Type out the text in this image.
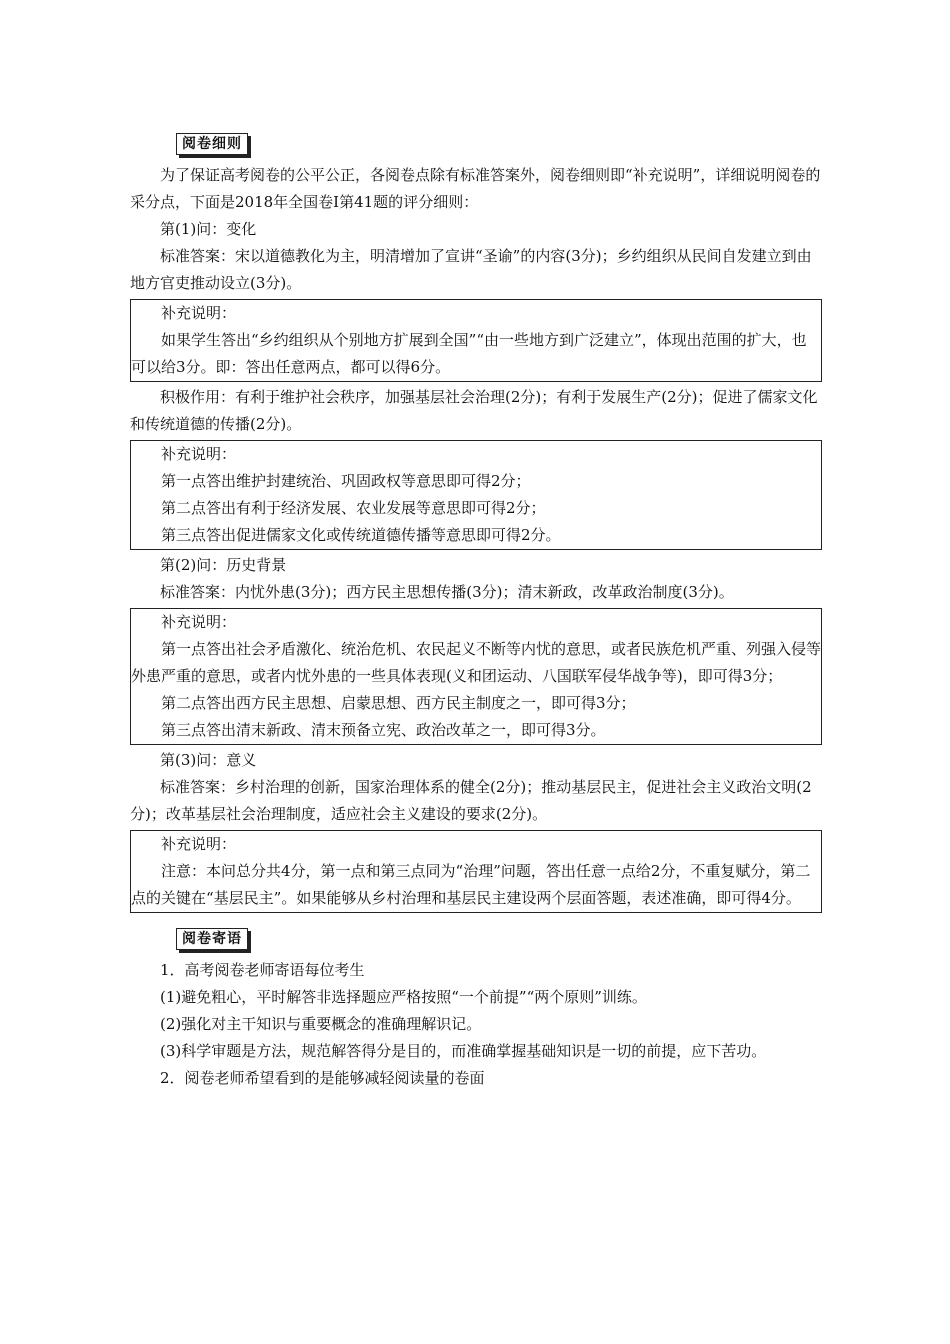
阅卷细则

为了保证高考阅卷的公平公正，各阅卷点除有标准答案外，阅卷细则即“补充说明”，详细说明阅卷的采分点，下面是2018年全国卷Ⅰ第41题的评分细则：

第(1)问：变化

标准答案：宋以道德教化为主，明清增加了宣讲“圣谕”的内容(3分)；乡约组织从民间自发建立到由地方官吏推动设立(3分)。

补充说明：

如果学生答出“乡约组织从个别地方扩展到全国”“由一些地方到广泛建立”，体现出范围的扩大，也可以给3分。即：答出任意两点，都可以得6分。

积极作用：有利于维护社会秩序，加强基层社会治理(2分)；有利于发展生产(2分)；促进了儒家文化和传统道德的传播(2分)。

补充说明：

第一点答出维护封建统治、巩固政权等意思即可得2分；

第二点答出有利于经济发展、农业发展等意思即可得2分；

第三点答出促进儒家文化或传统道德传播等意思即可得2分。

第(2)问：历史背景

标准答案：内忧外患(3分)；西方民主思想传播(3分)；清末新政，改革政治制度(3分)。

补充说明：

第一点答出社会矛盾激化、统治危机、农民起义不断等内忧的意思，或者民族危机严重、列强入侵等外患严重的意思，或者内忧外患的一些具体表现(义和团运动、八国联军侵华战争等)，即可得3分；

第二点答出西方民主思想、启蒙思想、西方民主制度之一，即可得3分；

第三点答出清末新政、清末预备立宪、政治改革之一，即可得3分。

第(3)问：意义

标准答案：乡村治理的创新，国家治理体系的健全(2分)；推动基层民主，促进社会主义政治文明(2分)；改革基层社会治理制度，适应社会主义建设的要求(2分)。

补充说明：

注意：本问总分共4分，第一点和第三点同为“治理”问题，答出任意一点给2分，不重复赋分，第二点的关键在“基层民主”。如果能够从乡村治理和基层民主建设两个层面答题，表述准确，即可得4分。

阅卷寄语

1．高考阅卷老师寄语每位考生

(1)避免粗心，平时解答非选择题应严格按照“一个前提”“两个原则”训练。

(2)强化对主干知识与重要概念的准确理解识记。

(3)科学审题是方法，规范解答得分是目的，而准确掌握基础知识是一切的前提，应下苦功。

2．阅卷老师希望看到的是能够减轻阅读量的卷面
